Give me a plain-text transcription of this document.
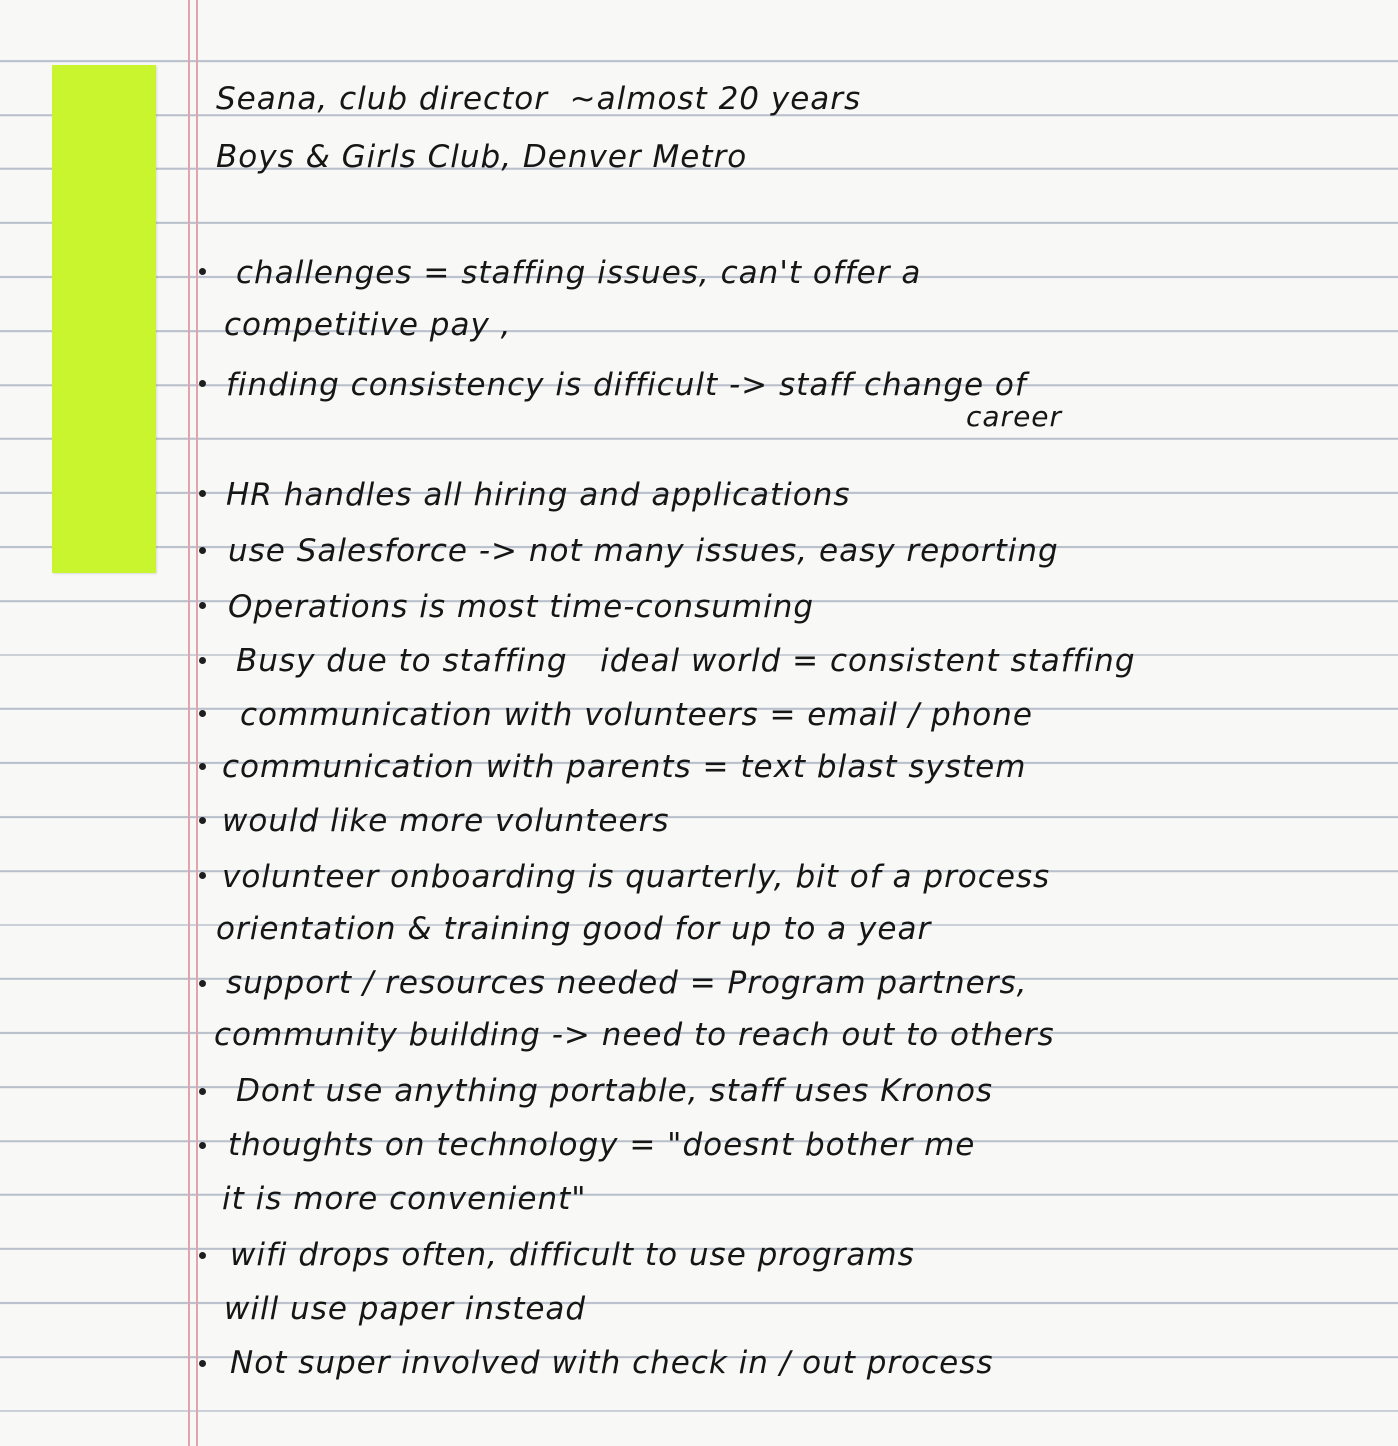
Seana, club director  ~almost 20 years

Boys & Girls Club, Denver Metro

challenges = staffing issues, can't offer a

competitive pay ,

finding consistency is difficult -> staff change of

career

HR handles all hiring and applications

use Salesforce -> not many issues, easy reporting

Operations is most time-consuming

Busy due to staffing   ideal world = consistent staffing

communication with volunteers = email / phone

communication with parents = text blast system

would like more volunteers

volunteer onboarding is quarterly, bit of a process

orientation & training good for up to a year

support / resources needed = Program partners,

community building -> need to reach out to others

Dont use anything portable, staff uses Kronos

thoughts on technology = "doesnt bother me

it is more convenient"

wifi drops often, difficult to use programs

will use paper instead

Not super involved with check in / out process
